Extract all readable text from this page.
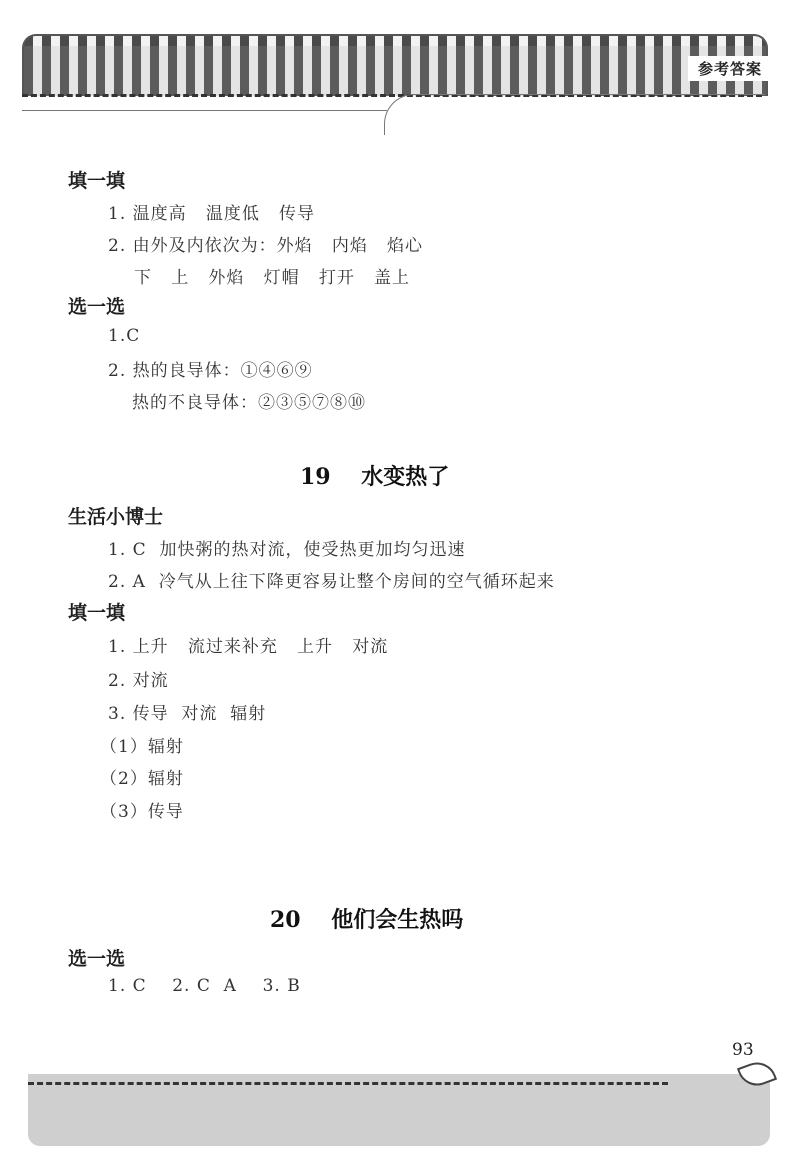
参考答案
填一填
1. 温度高   温度低   传导
2. 由外及内依次为：外焰   内焰   焰心
下   上   外焰   灯帽   打开   盖上
选一选
1.C
2. 热的良导体：①④⑥⑨
热的不良导体：②③⑤⑦⑧⑩
19    水变热了
生活小博士
1. C  加快粥的热对流，使受热更加均匀迅速
2. A  冷气从上往下降更容易让整个房间的空气循环起来
填一填
1. 上升   流过来补充   上升   对流
2. 对流
3. 传导  对流  辐射
（1）辐射
（2）辐射
（3）传导
20    他们会生热吗
选一选
1. C    2. C  A    3. B
93
